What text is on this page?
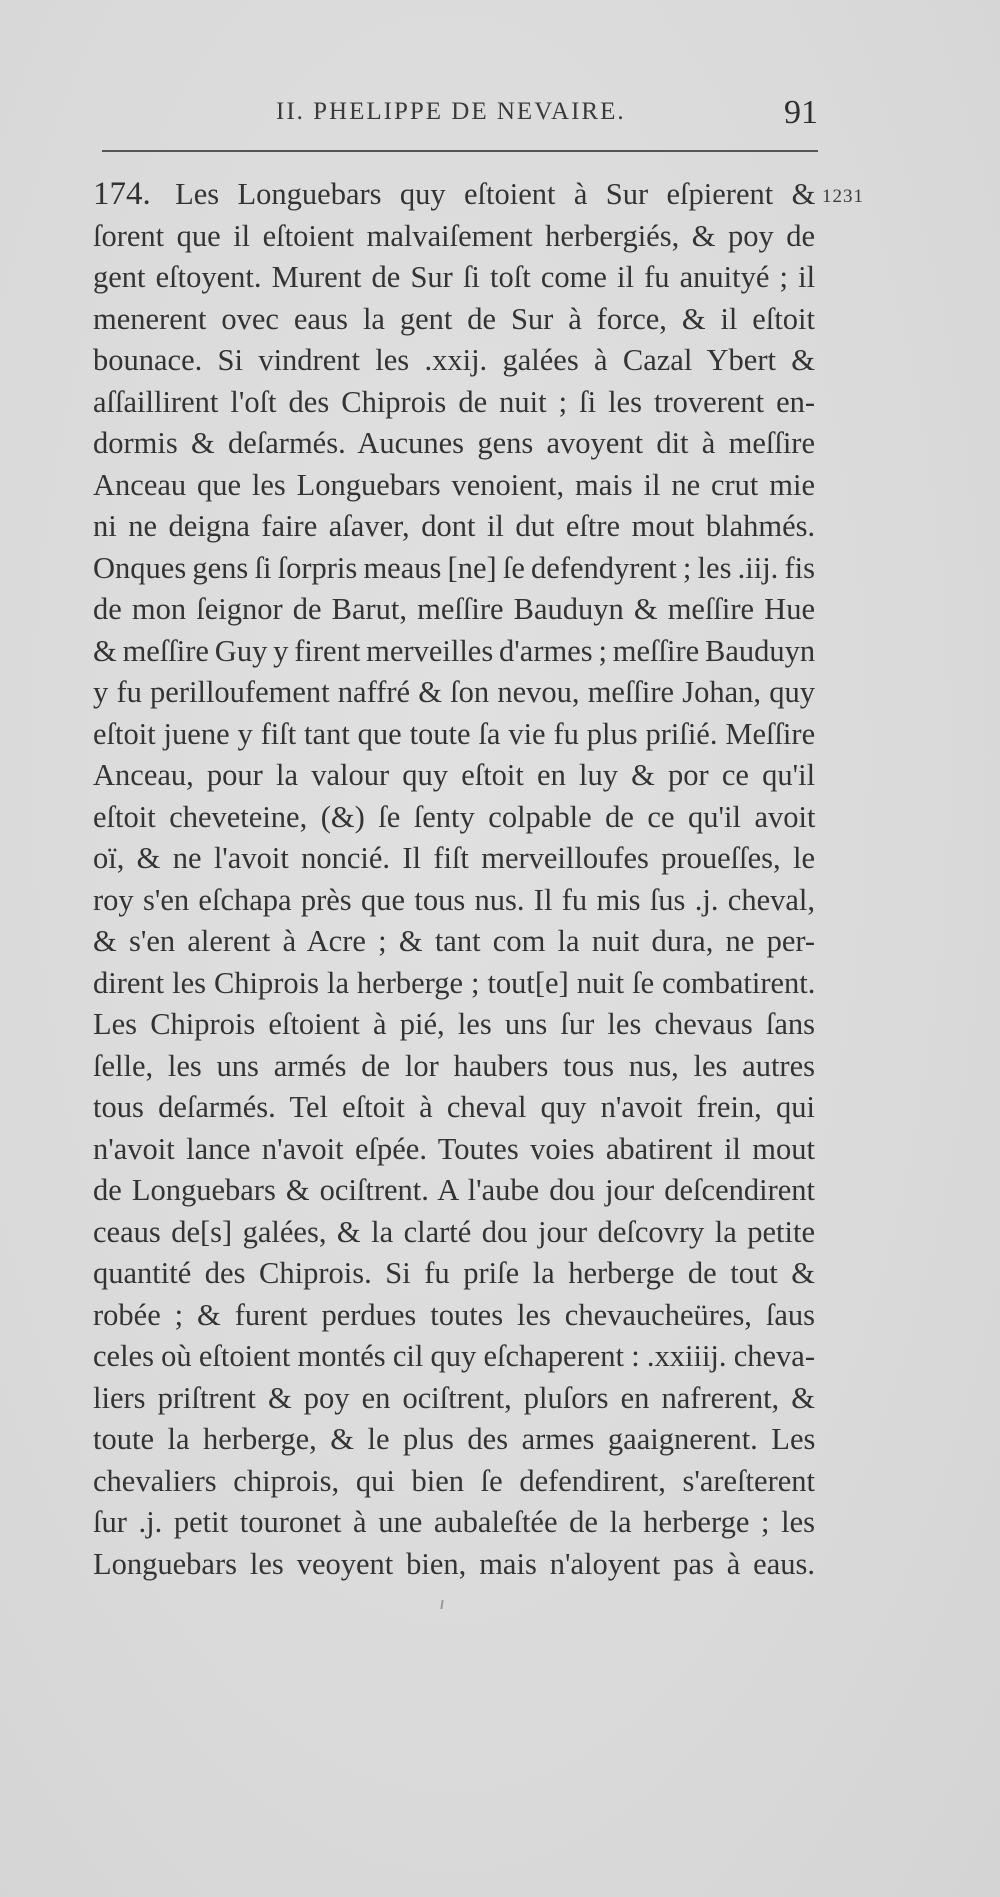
II. PHELIPPE DE NEVAIRE.	91
1231
174. Les Longuebars quy eſtoient à Sur eſpierent &
ſorent que il eſtoient malvaiſement herbergiés, & poy de
gent eſtoyent. Murent de Sur ſi toſt come il fu anuityé ; il
menerent ovec eaus la gent de Sur à force, & il eſtoit
bounace. Si vindrent les .xxij. galées à Cazal Ybert &
aſſaillirent l'oſt des Chiprois de nuit ; ſi les troverent en-
dormis & deſarmés. Aucunes gens avoyent dit à meſſire
Anceau que les Longuebars venoient, mais il ne crut mie
ni ne deigna faire aſaver, dont il dut eſtre mout blahmés.
Onques gens ſi ſorpris meaus [ne] ſe defendyrent ; les .iij. fis
de mon ſeignor de Barut, meſſire Bauduyn & meſſire Hue
& meſſire Guy y firent merveilles d'armes ; meſſire Bauduyn
y fu perilloufement naffré & ſon nevou, meſſire Johan, quy
eſtoit juene y fiſt tant que toute ſa vie fu plus priſié. Meſſire
Anceau, pour la valour quy eſtoit en luy & por ce qu'il
eſtoit cheveteine, (&) ſe ſenty colpable de ce qu'il avoit
oï, & ne l'avoit noncié. Il fiſt merveilloufes proueſſes, le
roy s'en eſchapa près que tous nus. Il fu mis ſus .j. cheval,
& s'en alerent à Acre ; & tant com la nuit dura, ne per-
dirent les Chiprois la herberge ; tout[e] nuit ſe combatirent.
Les Chiprois eſtoient à pié, les uns ſur les chevaus ſans
ſelle, les uns armés de lor haubers tous nus, les autres
tous deſarmés. Tel eſtoit à cheval quy n'avoit frein, qui
n'avoit lance n'avoit eſpée. Toutes voies abatirent il mout
de Longuebars & ociſtrent. A l'aube dou jour deſcendirent
ceaus de[s] galées, & la clarté dou jour deſcovry la petite
quantité des Chiprois. Si fu priſe la herberge de tout &
robée ; & furent perdues toutes les chevaucheüres, ſaus
celes où eſtoient montés cil quy eſchaperent : .xxiiij. cheva-
liers priſtrent & poy en ociſtrent, pluſors en nafrerent, &
toute la herberge, & le plus des armes gaaignerent. Les
chevaliers chiprois, qui bien ſe defendirent, s'areſterent
ſur .j. petit touronet à une aubaleſtée de la herberge ; les
Longuebars les veoyent bien, mais n'aloyent pas à eaus.
